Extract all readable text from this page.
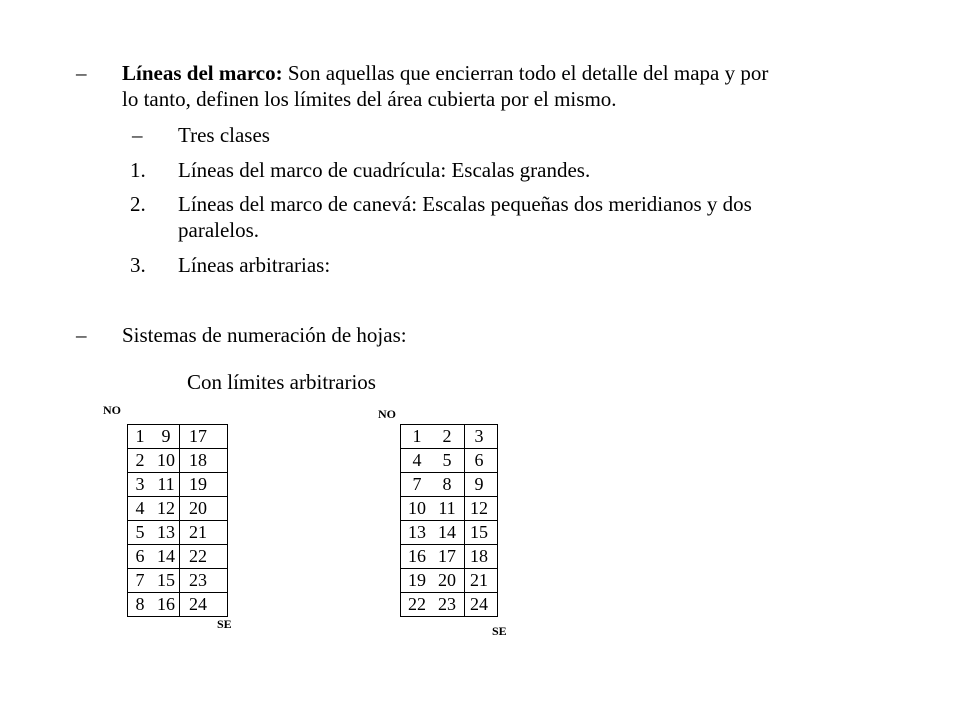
– Líneas del marco: Son aquellas que encierran todo el detalle del mapa y por
lo tanto, definen los límites del área cubierta por el mismo.
– Tres clases
1. Líneas del marco de cuadrícula: Escalas grandes.
2. Líneas del marco de canevá: Escalas pequeñas dos meridianos y dos
paralelos.
3. Líneas arbitrarias:
– Sistemas de numeración de hojas:
Con límites arbitrarios
NO
SE
1 9	17
2 10 18
3 11 19
4 12 20
5 13 21
6 14 22
7 15 23
8 16 24
NO
SE
1	2	3
4	5	6
7	8	9
10 11 12
13 14 15
16 17 18
19 20 21
22 23 24
